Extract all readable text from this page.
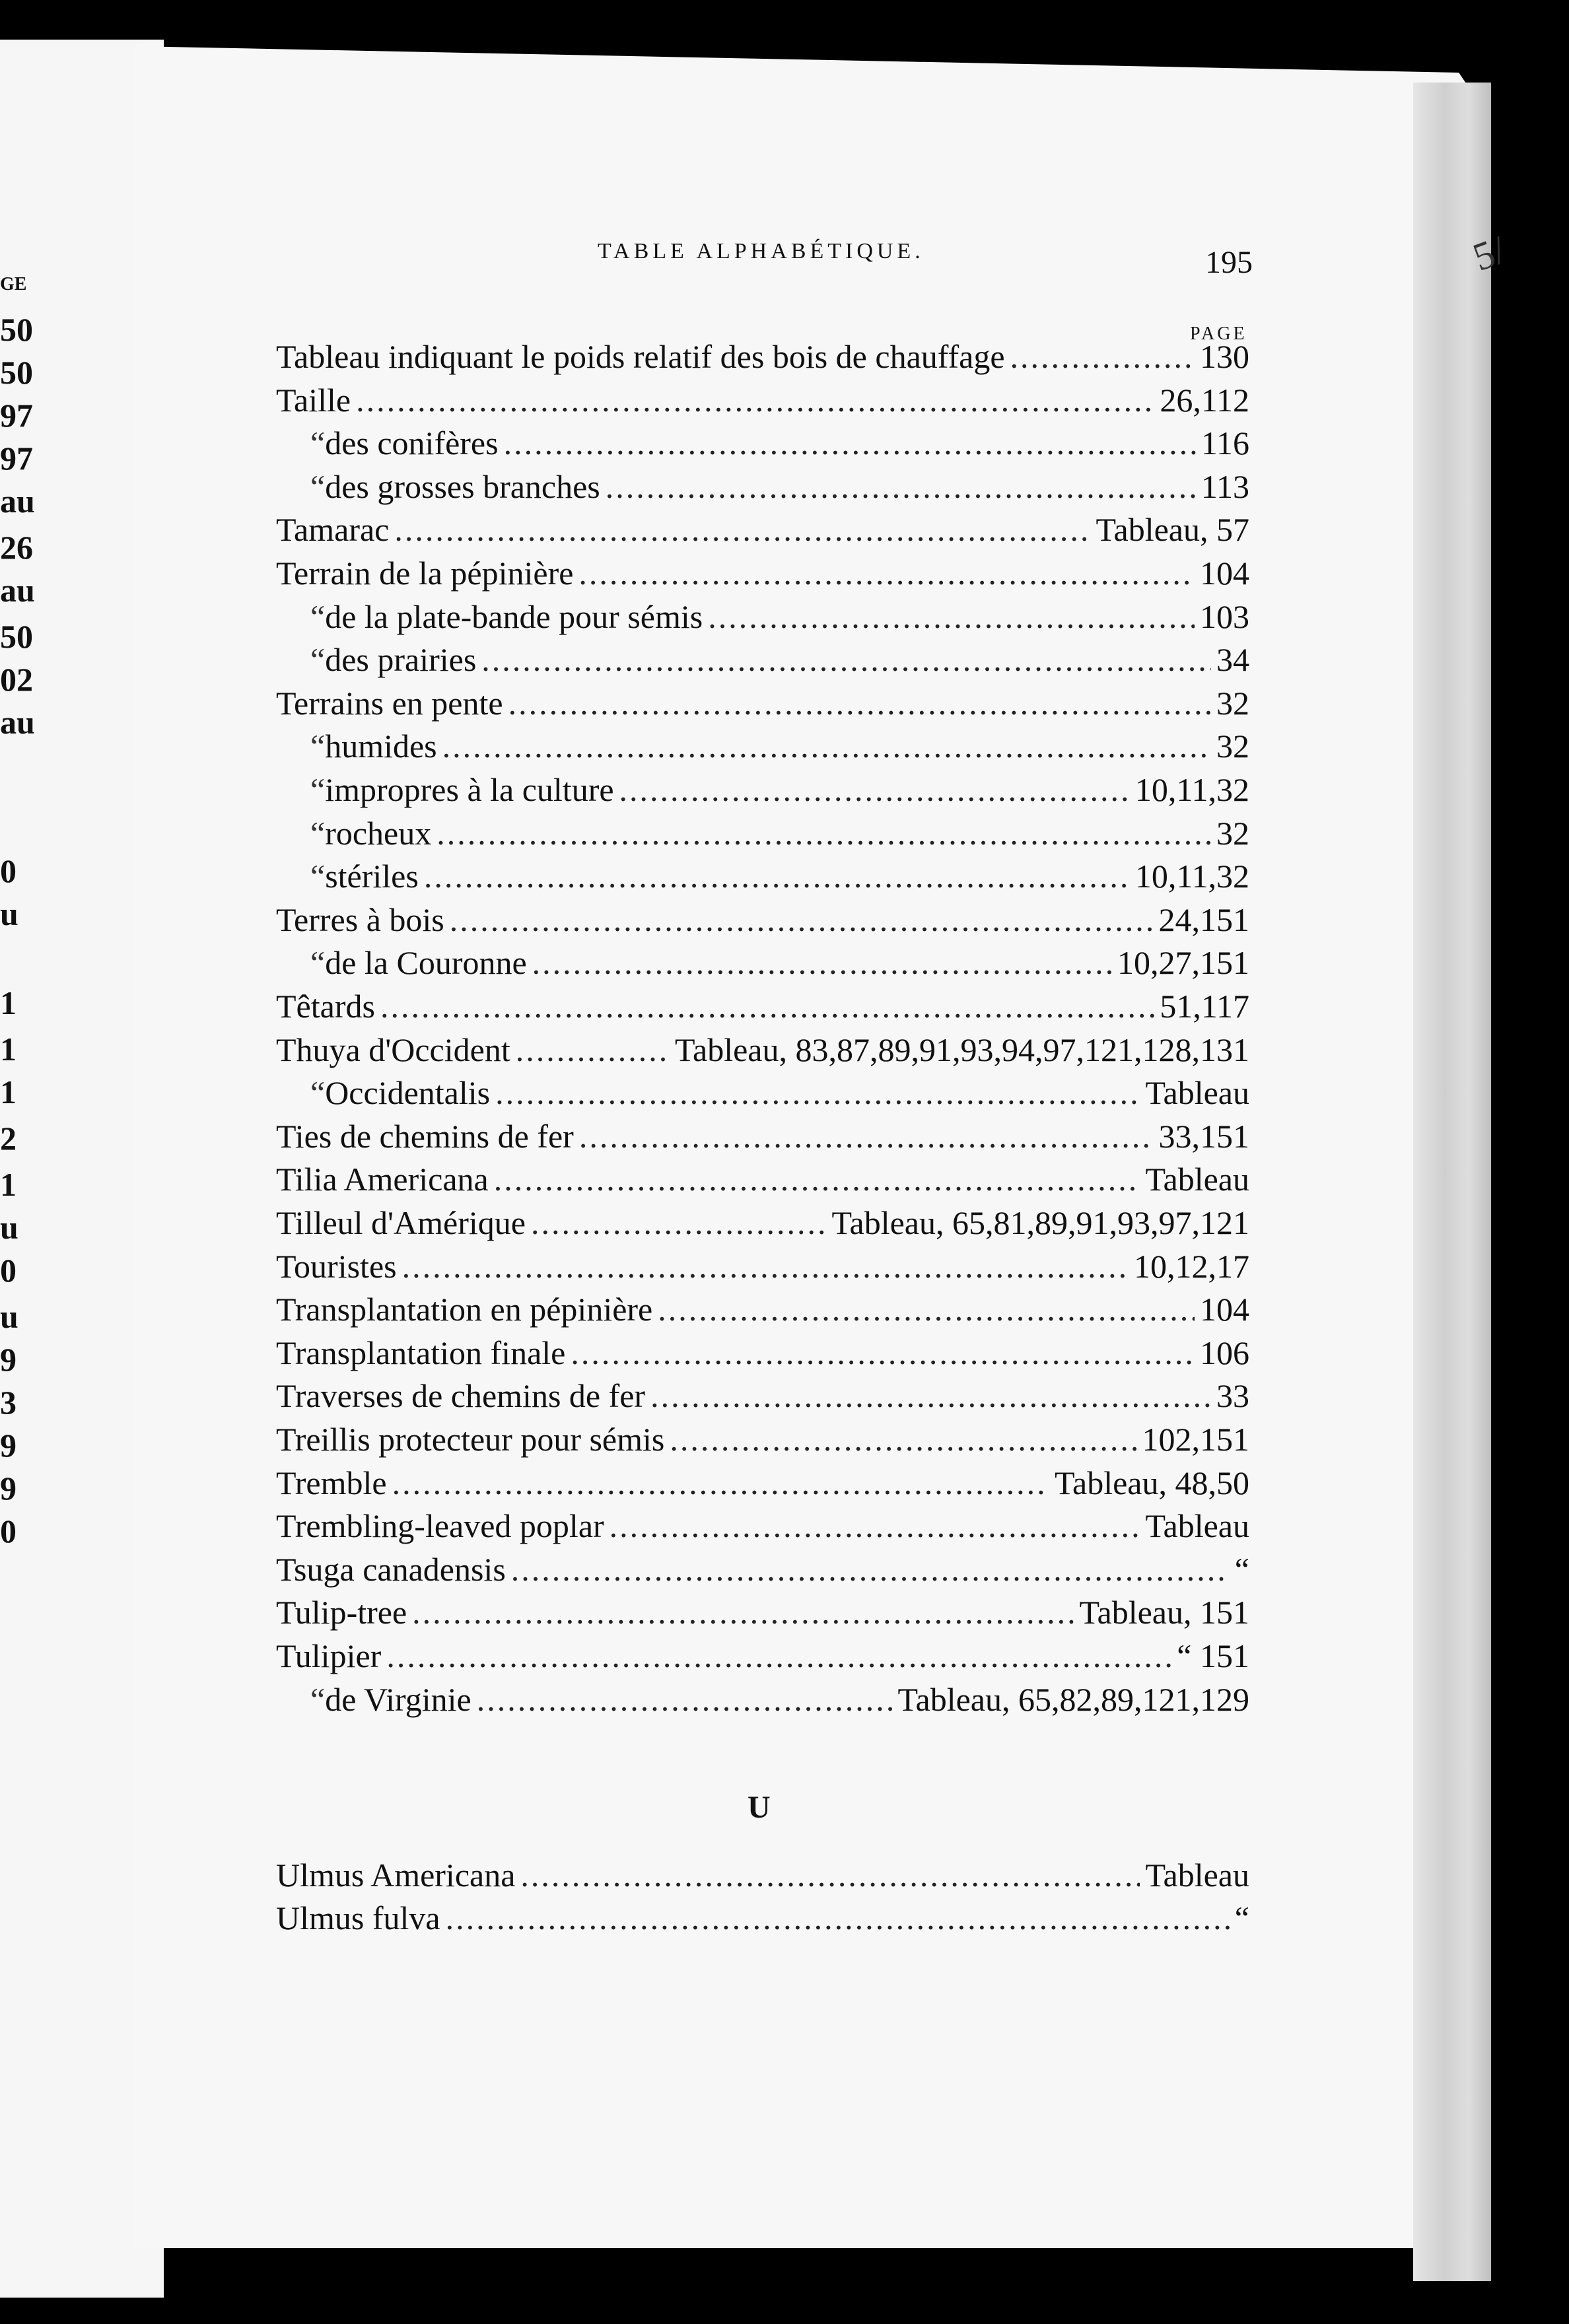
GE
50
50
97
97
au
26
au
50
02
au
0
u
1
1
1
2
1
u
0
u
9
3
9
9
0
5/
TABLE ALPHABÉTIQUE.	195
PAGE
Tableau indiquant le poids relatif des bois de chauffage .....	130
Taille .....	26,112
“ des conifères .....	116
“ des grosses branches .....	113
Tamarac .....	Tableau, 57
Terrain de la pépinière .....	104
“ de la plate-bande pour sémis .....	103
“ des prairies .....	34
Terrains en pente .....	32
“ humides .....	32
“ impropres à la culture .....	10,11,32
“ rocheux .....	32
“ stériles .....	10,11,32
Terres à bois .....	24,151
“ de la Couronne .....	10,27,151
Têtards .....	51,117
Thuya d'Occident .....	Tableau, 83,87,89,91,93,94,97,121,128,131
“ Occidentalis .....	Tableau
Ties de chemins de fer .....	33,151
Tilia Americana .....	Tableau
Tilleul d'Amérique .....	Tableau, 65,81,89,91,93,97,121
Touristes .....	10,12,17
Transplantation en pépinière .....	104
Transplantation finale .....	106
Traverses de chemins de fer .....	33
Treillis protecteur pour sémis .....	102,151
Tremble .....	Tableau, 48,50
Trembling-leaved poplar .....	Tableau
Tsuga canadensis .....	“
Tulip-tree .....	Tableau, 151
Tulipier .....	“ 151
“ de Virginie .....	Tableau, 65,82,89,121,129
U
Ulmus Americana .....	Tableau
Ulmus fulva .....	“
